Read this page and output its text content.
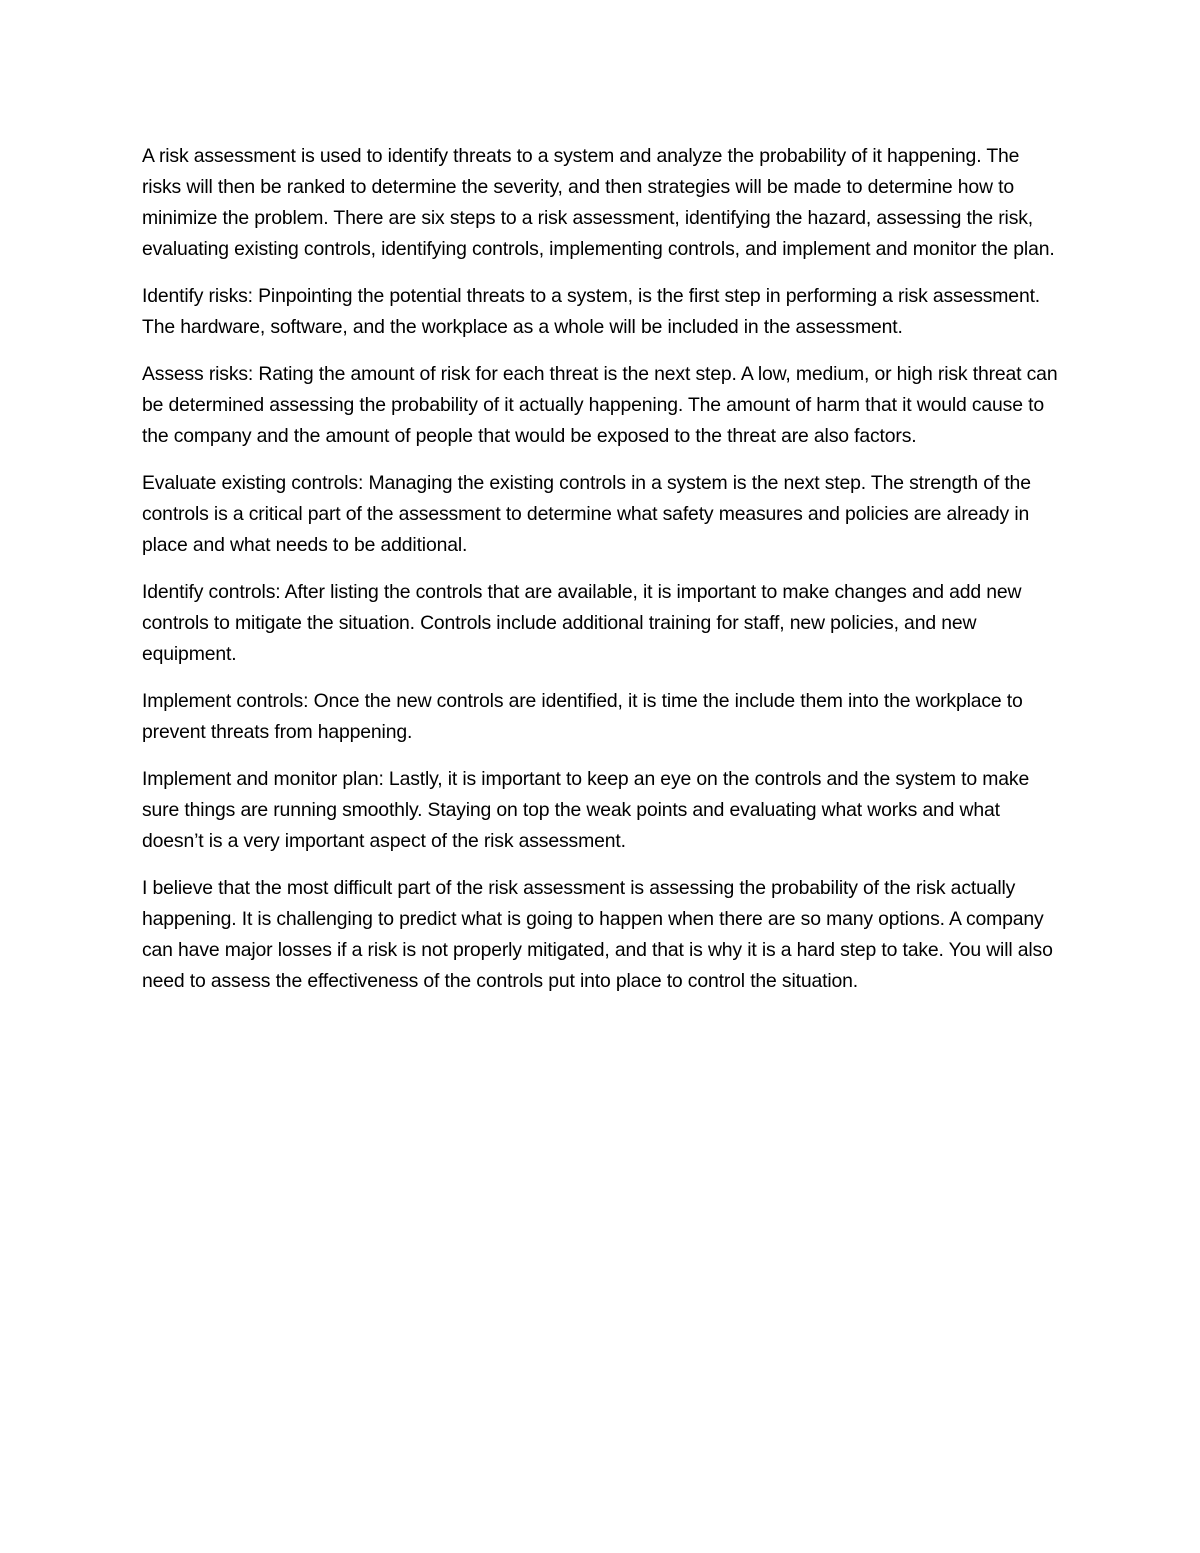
A risk assessment is used to identify threats to a system and analyze the probability of it happening. The risks will then be ranked to determine the severity, and then strategies will be made to determine how to minimize the problem. There are six steps to a risk assessment, identifying the hazard, assessing the risk, evaluating existing controls, identifying controls, implementing controls, and implement and monitor the plan.

Identify risks: Pinpointing the potential threats to a system, is the first step in performing a risk assessment. The hardware, software, and the workplace as a whole will be included in the assessment.

Assess risks: Rating the amount of risk for each threat is the next step. A low, medium, or high risk threat can be determined assessing the probability of it actually happening. The amount of harm that it would cause to the company and the amount of people that would be exposed to the threat are also factors.

Evaluate existing controls: Managing the existing controls in a system is the next step. The strength of the controls is a critical part of the assessment to determine what safety measures and policies are already in place and what needs to be additional.

Identify controls: After listing the controls that are available, it is important to make changes and add new controls to mitigate the situation. Controls include additional training for staff, new policies, and new equipment.

Implement controls: Once the new controls are identified, it is time the include them into the workplace to prevent threats from happening.

Implement and monitor plan: Lastly, it is important to keep an eye on the controls and the system to make sure things are running smoothly. Staying on top the weak points and evaluating what works and what doesn’t is a very important aspect of the risk assessment.

I believe that the most difficult part of the risk assessment is assessing the probability of the risk actually happening. It is challenging to predict what is going to happen when there are so many options. A company can have major losses if a risk is not properly mitigated, and that is why it is a hard step to take. You will also need to assess the effectiveness of the controls put into place to control the situation.
